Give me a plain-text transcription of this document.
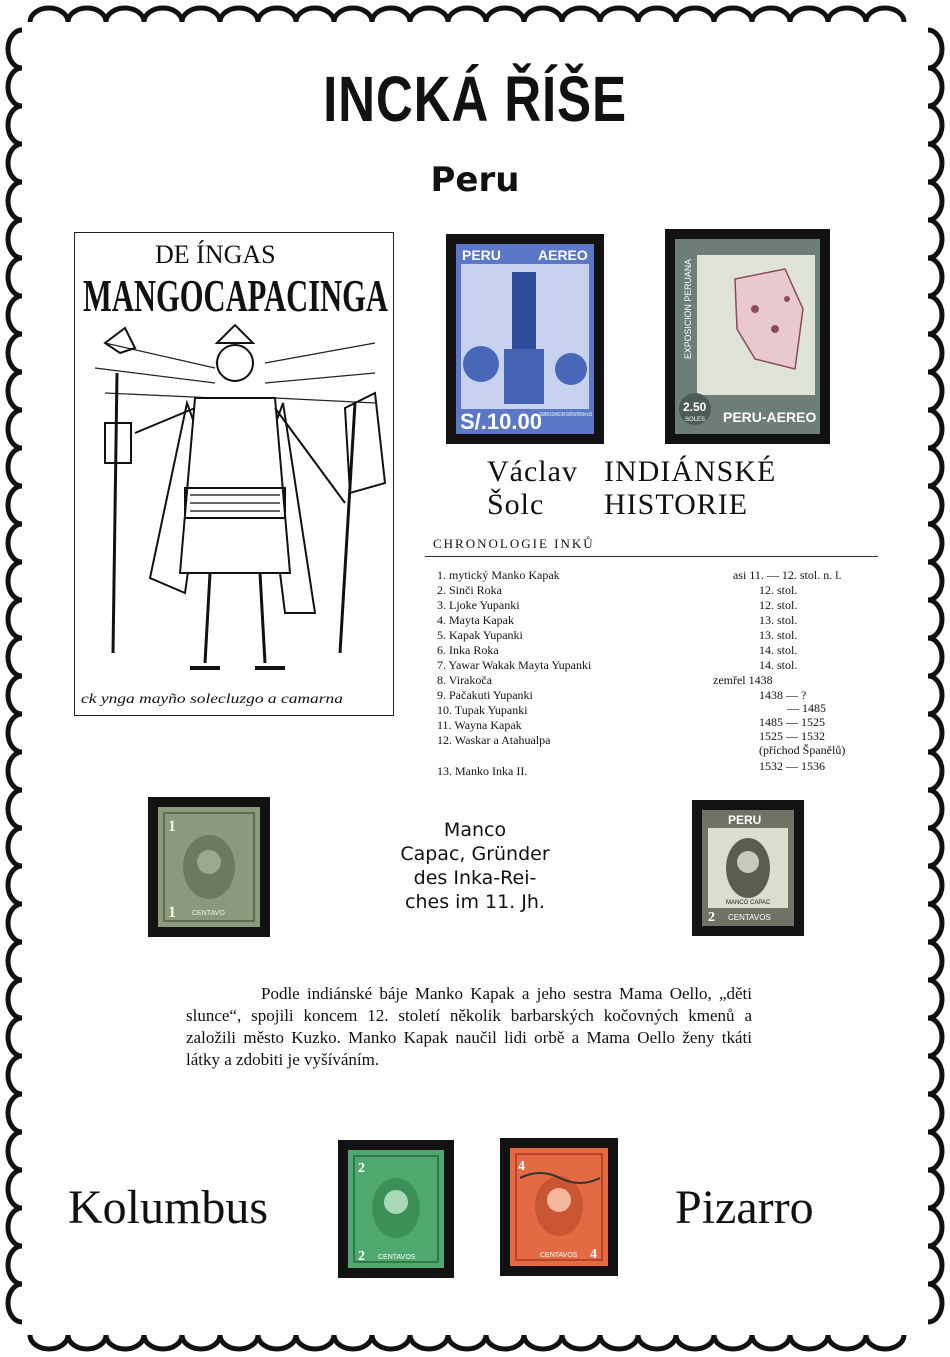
INCKÁ ŘÍŠE
Peru
DE ÍNGAS
MANGOCAPACINGA
ck ynga mayño solecluzgo a camarna
PERU	AEREO
S/.10.00
MONUMENTO AL INCA MANCO CAPAC FUNDADOR del IMPERIO Abril 4 de 1926
EXPOSICION PERUANA
2.50
SOLES PERU-AEREO
Václav
Šolc
INDIÁNSKÉ
HISTORIE
CHRONOLOGIE INKŮ
1. mytický Manko Kapak	asi 11. — 12. stol. n. l.
2. Sinči Roka	12. stol.
3. Ljoke Yupanki	12. stol.
4. Mayta Kapak	13. stol.
5. Kapak Yupanki	13. stol.
6. Inka Roka	14. stol.
7. Yawar Wakak Mayta Yupanki	14. stol.
8. Virakoča	zemřel 1438
9. Pačakuti Yupanki	1438 — ?
10. Tupak Yupanki	— 1485
11. Wayna Kapak	1485 — 1525
12. Waskar a Atahualpa	1525 — 1532
(příchod Španělů)
13. Manko Inka II.	1532 — 1536
1
1 CENTAVO
Manco
Capac, Gründer
des Inka-Rei-
ches im 11. Jh.
PERU
MANCO CAPAC
2 CENTAVOS
Podle indiánské báje Manko Kapak a jeho sestra Mama Oello, „děti slunce“, spojili koncem 12. století několik barbarských kočovných kmenů a založili město Kuzko. Manko Kapak naučil lidi orbě a Mama Oello ženy tkáti látky a zdobiti je vyšíváním.
Kolumbus	Pizarro
2
2 CENTAVOS
4
4
CENTAVOS
